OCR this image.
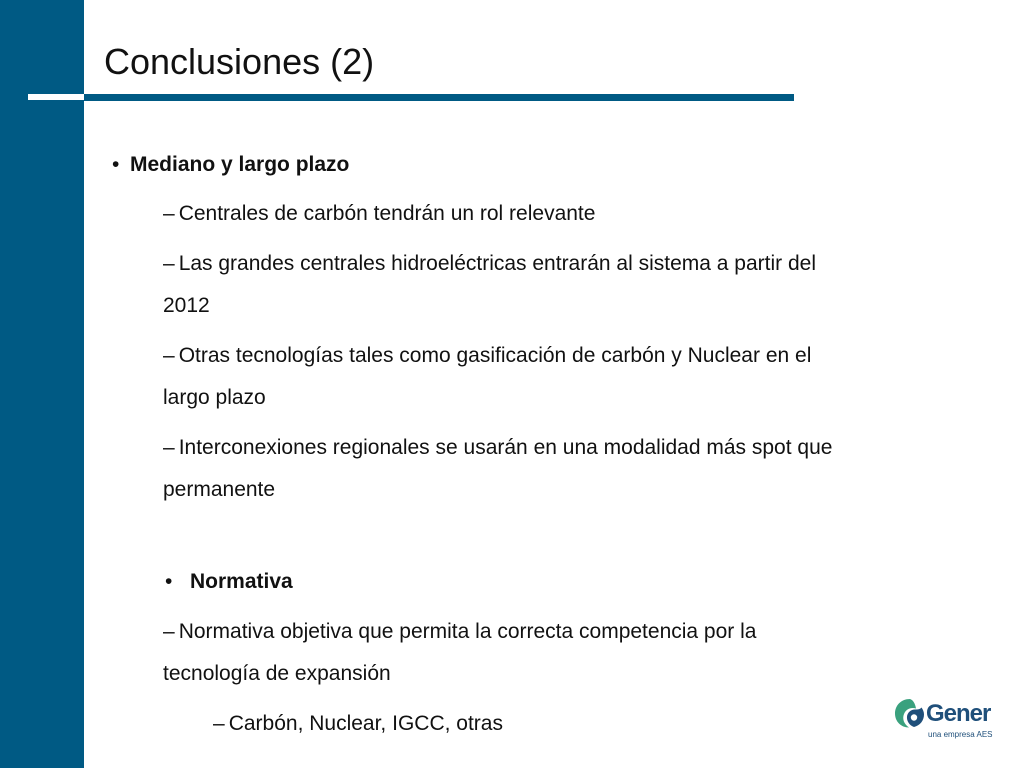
Conclusiones (2)
• Mediano y largo plazo
– Centrales de carbón tendrán un rol relevante
– Las grandes centrales hidroeléctricas entrarán al sistema a partir del
2012
– Otras tecnologías tales como gasificación de carbón y Nuclear en el
largo plazo
– Interconexiones regionales se usarán en una modalidad más spot que
permanente
• Normativa
– Normativa objetiva que permita la correcta competencia por la
tecnología de expansión
– Carbón, Nuclear, IGCC, otras	Gener
una empresa AES
